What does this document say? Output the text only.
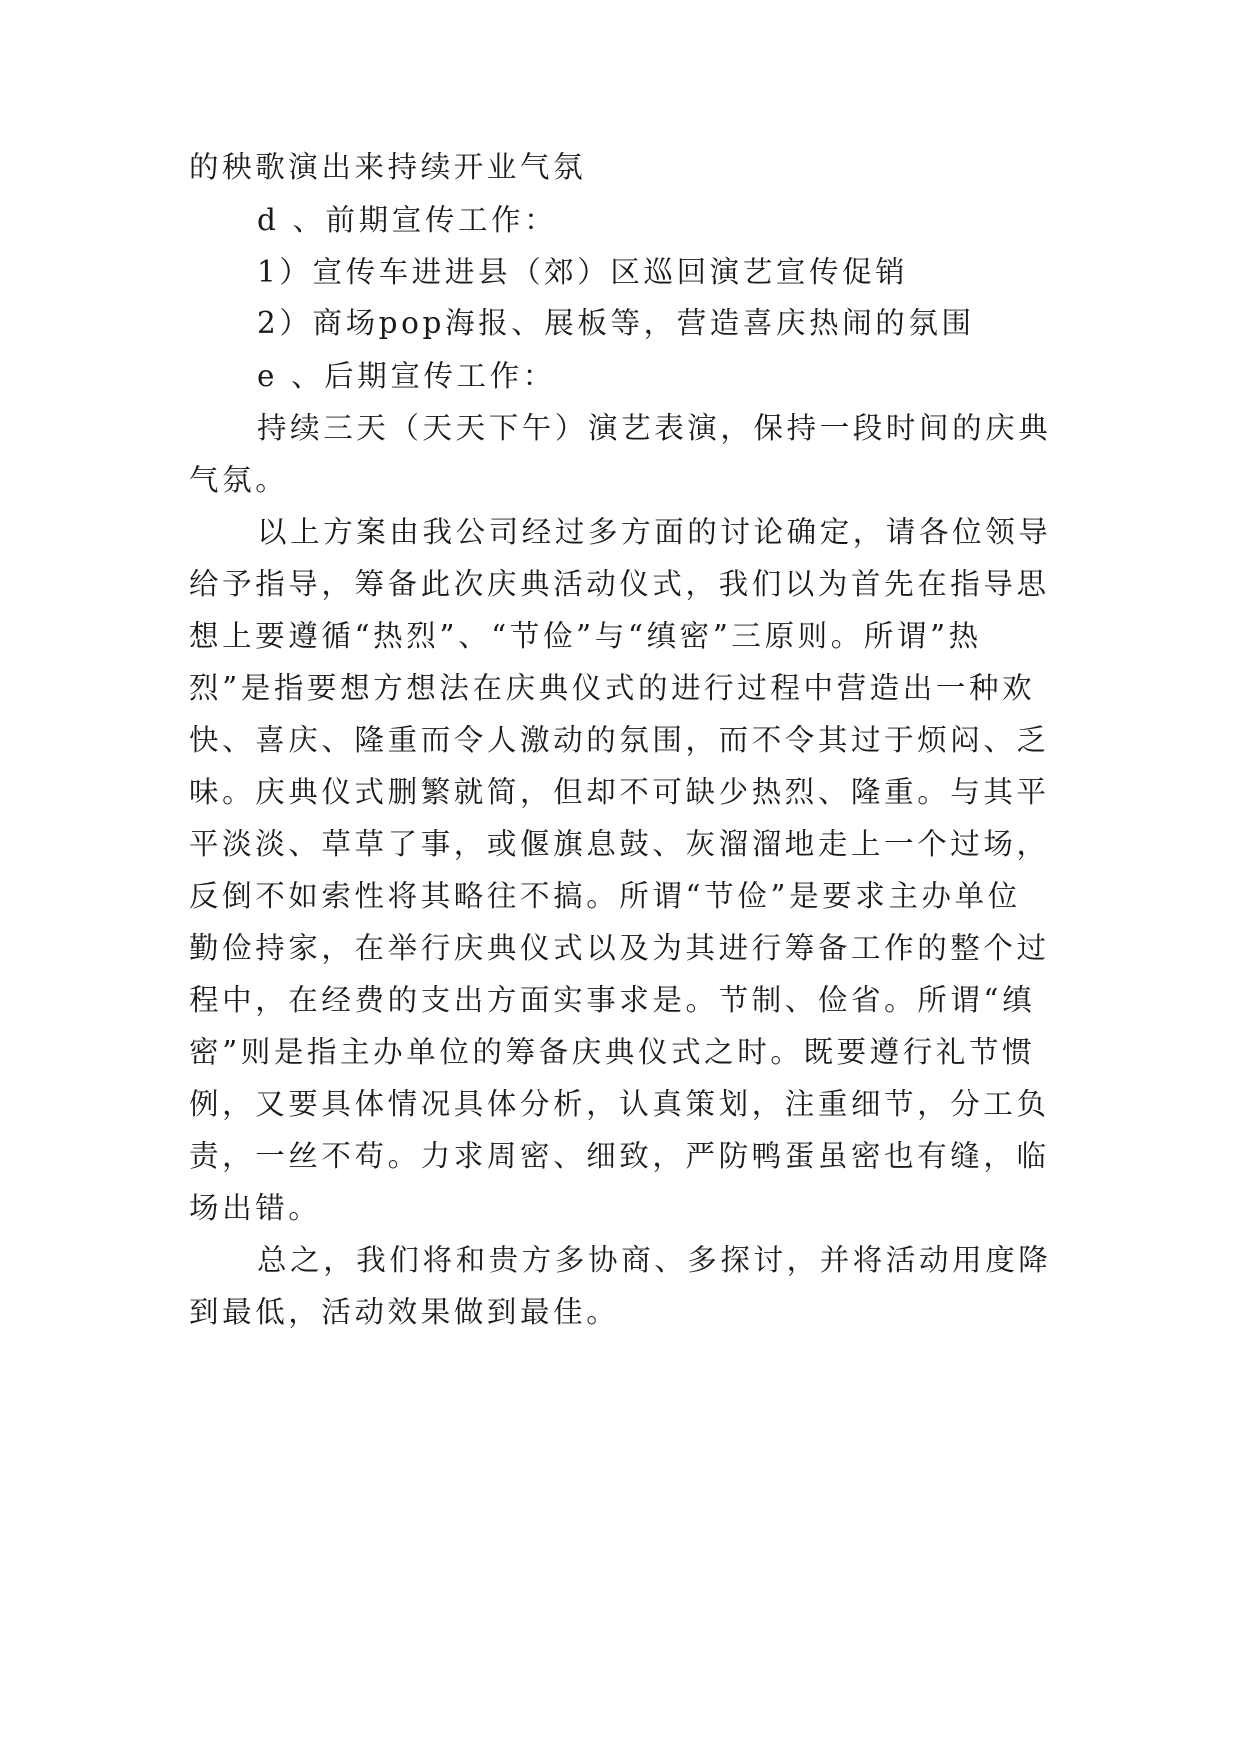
的秧歌演出来持续开业气氛
d 、前期宣传工作：
1）宣传车进进县（郊）区巡回演艺宣传促销
2）商场pop海报、展板等，营造喜庆热闹的氛围
e 、后期宣传工作：
持续三天（天天下午）演艺表演，保持一段时间的庆典
气氛。
以上方案由我公司经过多方面的讨论确定，请各位领导
给予指导，筹备此次庆典活动仪式，我们以为首先在指导思
想上要遵循“热烈”、“节俭”与“缜密”三原则。所谓”热
烈”是指要想方想法在庆典仪式的进行过程中营造出一种欢
快、喜庆、隆重而令人激动的氛围，而不令其过于烦闷、乏
味。庆典仪式删繁就简，但却不可缺少热烈、隆重。与其平
平淡淡、草草了事，或偃旗息鼓、灰溜溜地走上一个过场，
反倒不如索性将其略往不搞。所谓“节俭”是要求主办单位
勤俭持家，在举行庆典仪式以及为其进行筹备工作的整个过
程中，在经费的支出方面实事求是。节制、俭省。所谓“缜
密”则是指主办单位的筹备庆典仪式之时。既要遵行礼节惯
例，又要具体情况具体分析，认真策划，注重细节，分工负
责，一丝不苟。力求周密、细致，严防鸭蛋虽密也有缝，临
场出错。
总之，我们将和贵方多协商、多探讨，并将活动用度降
到最低，活动效果做到最佳。
